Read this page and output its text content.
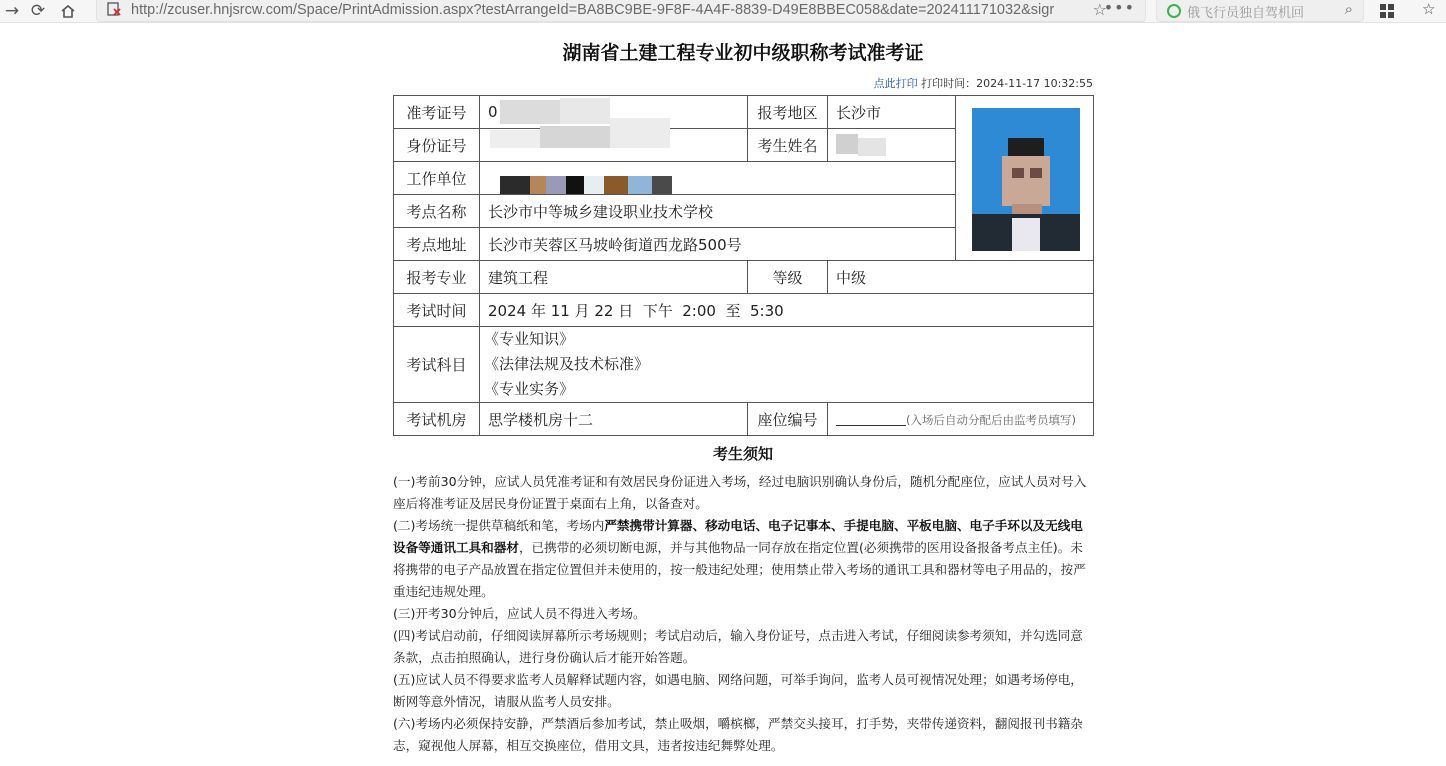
→ ⟳	http://zcuser.hnjsrcw.com/Space/PrintAdmission.aspx?testArrangeId=BA8BC9BE-9F8F-4A4F-8839-D49E8BBEC058&date=202411171032&sigr	☆
•••	俄飞行员独自驾机回	⌕	☆
湖南省土建工程专业初中级职称考试准考证
点此打印 打印时间：2024-11-17 10:32:55
准考证号	0	报考地区	长沙市	
身份证号		考生姓名		
工作单位				
考点名称	长沙市中等城乡建设职业技术学校			
考点地址	长沙市芙蓉区马坡岭街道西龙路500号			
报考专业	建筑工程	等级	中级	
考试时间	2024 年 11 月 22 日  下午  2:00  至  5:30			
考试科目	《专业知识》
《法律法规及技术标准》
《专业实务》			

考试机房	思学楼机房十二	座位编号	(入场后自动分配后由监考员填写)	
考生须知

(一)考前30分钟，应试人员凭准考证和有效居民身份证进入考场，经过电脑识别确认身份后，随机分配座位，应试人员对号入座后将准考证及居民身份证置于桌面右上角，以备查对。

(二)考场统一提供草稿纸和笔，考场内严禁携带计算器、移动电话、电子记事本、手提电脑、平板电脑、电子手环以及无线电设备等通讯工具和器材，已携带的必须切断电源，并与其他物品一同存放在指定位置(必须携带的医用设备报备考点主任)。未将携带的电子产品放置在指定位置但并未使用的，按一般违纪处理；使用禁止带入考场的通讯工具和器材等电子用品的，按严重违纪违规处理。

(三)开考30分钟后，应试人员不得进入考场。

(四)考试启动前，仔细阅读屏幕所示考场规则；考试启动后，输入身份证号，点击进入考试，仔细阅读参考须知，并勾选同意条款，点击拍照确认，进行身份确认后才能开始答题。

(五)应试人员不得要求监考人员解释试题内容，如遇电脑、网络问题，可举手询问，监考人员可视情况处理；如遇考场停电，断网等意外情况，请服从监考人员安排。

(六)考场内必须保持安静，严禁酒后参加考试，禁止吸烟，嚼槟榔，严禁交头接耳，打手势，夹带传递资料，翻阅报刊书籍杂志，窥视他人屏幕，相互交换座位，借用文具，违者按违纪舞弊处理。
